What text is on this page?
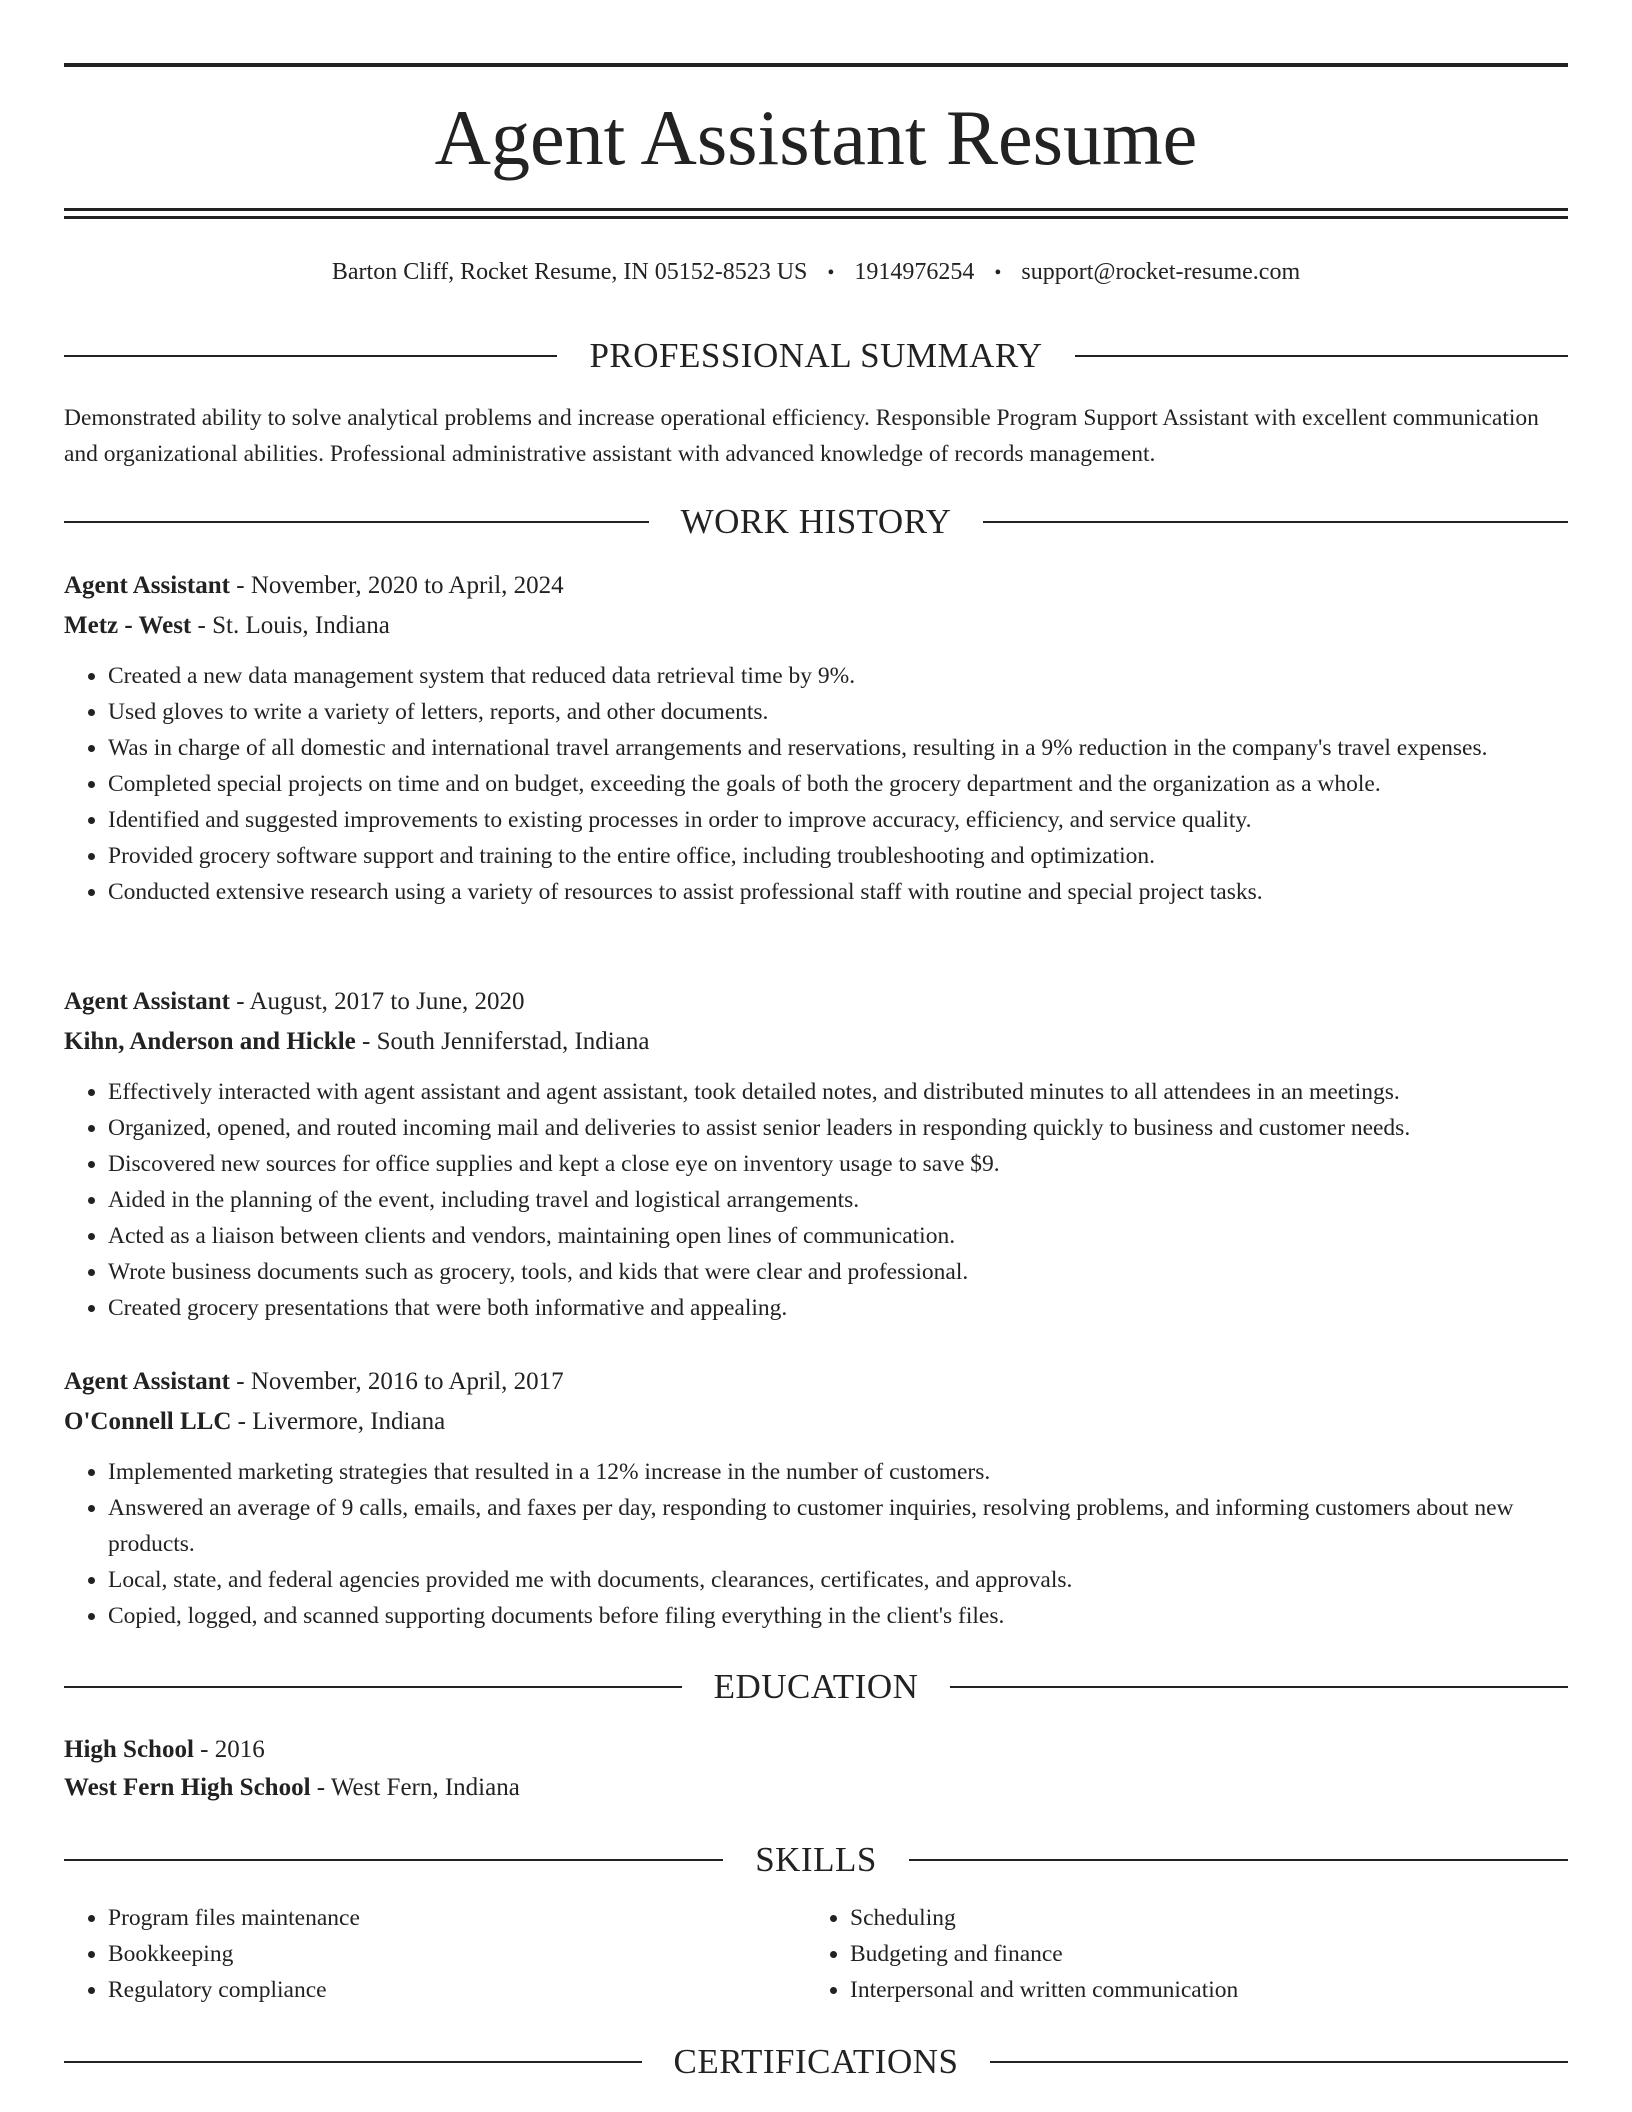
Agent Assistant Resume
Barton Cliff, Rocket Resume, IN 05152-8523 US • 1914976254 • support@rocket-resume.com
PROFESSIONAL SUMMARY

Demonstrated ability to solve analytical problems and increase operational efficiency. Responsible Program Support Assistant with excellent communication and organizational abilities. Professional administrative assistant with advanced knowledge of records management.

WORK HISTORY
Agent Assistant - November, 2020 to April, 2024
Metz - West - St. Louis, Indiana
• Created a new data management system that reduced data retrieval time by 9%.
• Used gloves to write a variety of letters, reports, and other documents.
• Was in charge of all domestic and international travel arrangements and reservations, resulting in a 9% reduction in the company's travel expenses.
• Completed special projects on time and on budget, exceeding the goals of both the grocery department and the organization as a whole.
• Identified and suggested improvements to existing processes in order to improve accuracy, efficiency, and service quality.
• Provided grocery software support and training to the entire office, including troubleshooting and optimization.
• Conducted extensive research using a variety of resources to assist professional staff with routine and special project tasks.
Agent Assistant - August, 2017 to June, 2020
Kihn, Anderson and Hickle - South Jenniferstad, Indiana
• Effectively interacted with agent assistant and agent assistant, took detailed notes, and distributed minutes to all attendees in an meetings.
• Organized, opened, and routed incoming mail and deliveries to assist senior leaders in responding quickly to business and customer needs.
• Discovered new sources for office supplies and kept a close eye on inventory usage to save $9.
• Aided in the planning of the event, including travel and logistical arrangements.
• Acted as a liaison between clients and vendors, maintaining open lines of communication.
• Wrote business documents such as grocery, tools, and kids that were clear and professional.
• Created grocery presentations that were both informative and appealing.
Agent Assistant - November, 2016 to April, 2017
O'Connell LLC - Livermore, Indiana
• Implemented marketing strategies that resulted in a 12% increase in the number of customers.
• Answered an average of 9 calls, emails, and faxes per day, responding to customer inquiries, resolving problems, and informing customers about new products.
• Local, state, and federal agencies provided me with documents, clearances, certificates, and approvals.
• Copied, logged, and scanned supporting documents before filing everything in the client's files.
EDUCATION
High School - 2016
West Fern High School - West Fern, Indiana
SKILLS
• Program files maintenance
• Bookkeeping
• Regulatory compliance
• Scheduling
• Budgeting and finance
• Interpersonal and written communication
CERTIFICATIONS
